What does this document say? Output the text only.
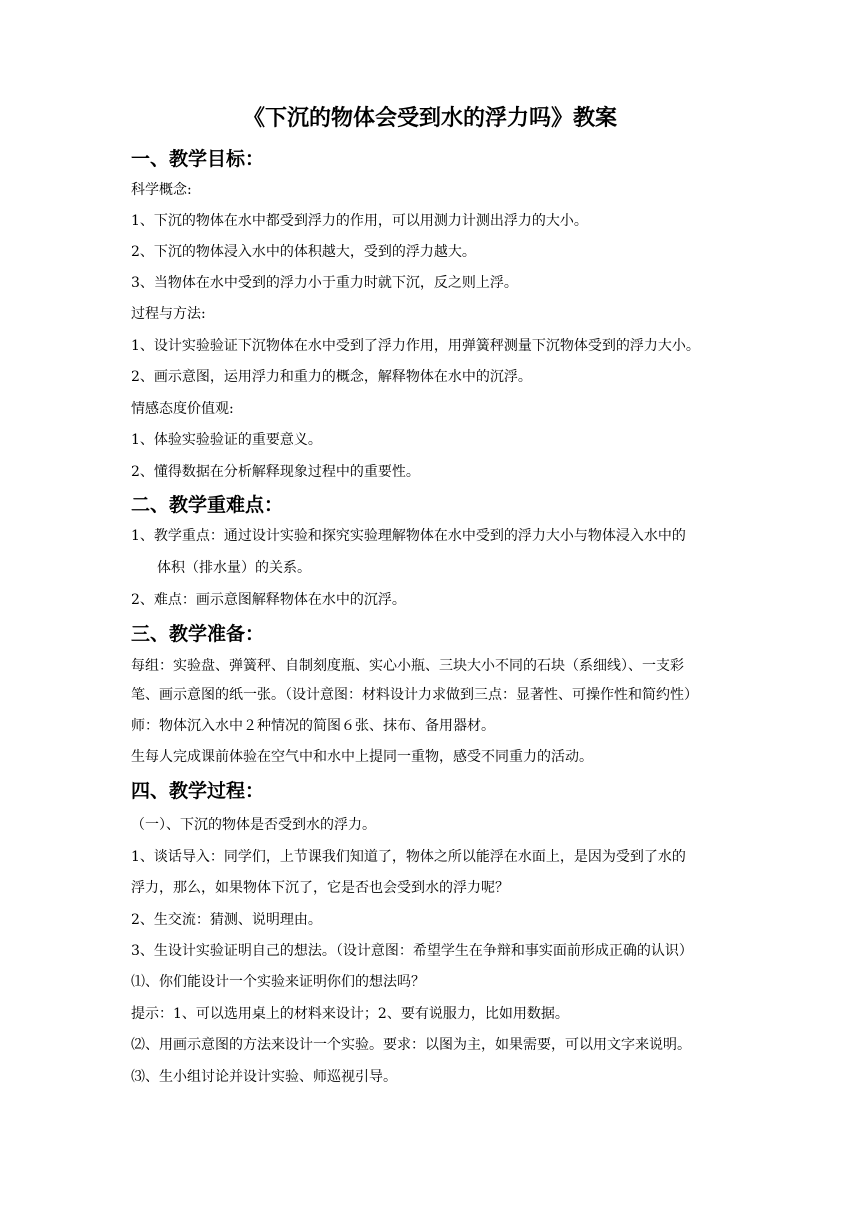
《下沉的物体会受到水的浮力吗》教案
一、教学目标：
科学概念:
1、下沉的物体在水中都受到浮力的作用，可以用测力计测出浮力的大小。
2、下沉的物体浸入水中的体积越大，受到的浮力越大。
3、当物体在水中受到的浮力小于重力时就下沉，反之则上浮。
过程与方法:
1、设计实验验证下沉物体在水中受到了浮力作用，用弹簧秤测量下沉物体受到的浮力大小。
2、画示意图，运用浮力和重力的概念，解释物体在水中的沉浮。
情感态度价值观:
1、体验实验验证的重要意义。
2、懂得数据在分析解释现象过程中的重要性。
二、教学重难点：
1、教学重点：通过设计实验和探究实验理解物体在水中受到的浮力大小与物体浸入水中的
体积（排水量）的关系。
2、难点：画示意图解释物体在水中的沉浮。
三、教学准备：
每组：实验盘、弹簧秤、自制刻度瓶、实心小瓶、三块大小不同的石块（系细线）、一支彩
笔、画示意图的纸一张。（设计意图：材料设计力求做到三点：显著性、可操作性和简约性）
师：物体沉入水中２种情况的简图６张、抹布、备用器材。
生每人完成课前体验在空气中和水中上提同一重物，感受不同重力的活动。
四、教学过程：
（一）、下沉的物体是否受到水的浮力。
1、谈话导入：同学们，上节课我们知道了，物体之所以能浮在水面上，是因为受到了水的
浮力，那么，如果物体下沉了，它是否也会受到水的浮力呢？
2、生交流：猜测、说明理由。
3、生设计实验证明自己的想法。（设计意图：希望学生在争辩和事实面前形成正确的认识）
⑴、你们能设计一个实验来证明你们的想法吗？
提示：1、可以选用桌上的材料来设计；2、要有说服力，比如用数据。
⑵、用画示意图的方法来设计一个实验。要求：以图为主，如果需要，可以用文字来说明。
⑶、生小组讨论并设计实验、师巡视引导。
